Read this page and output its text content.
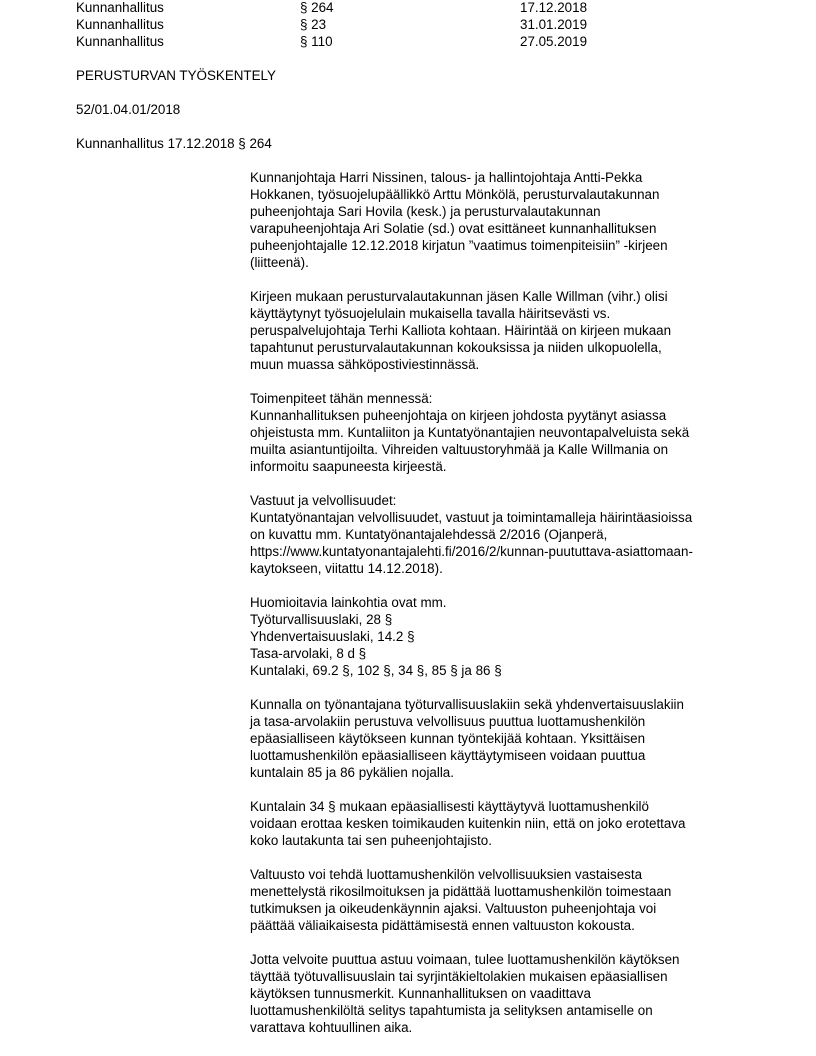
Kunnanhallitus	§ 264	17.12.2018
Kunnanhallitus	§ 23	31.01.2019
Kunnanhallitus	§ 110	27.05.2019
PERUSTURVAN TYÖSKENTELY
52/01.04.01/2018
Kunnanhallitus 17.12.2018 § 264

Kunnanjohtaja Harri Nissinen, talous- ja hallintojohtaja Antti-Pekka

Hokkanen, työsuojelupäällikkö Arttu Mönkölä, perusturvalautakunnan

puheenjohtaja Sari Hovila (kesk.) ja perusturvalautakunnan

varapuheenjohtaja Ari Solatie (sd.) ovat esittäneet kunnanhallituksen

puheenjohtajalle 12.12.2018 kirjatun ”vaatimus toimenpiteisiin” -kirjeen

(liitteenä).

Kirjeen mukaan perusturvalautakunnan jäsen Kalle Willman (vihr.) olisi

käyttäytynyt työsuojelulain mukaisella tavalla häiritsevästi vs.

peruspalvelujohtaja Terhi Kalliota kohtaan. Häirintää on kirjeen mukaan

tapahtunut perusturvalautakunnan kokouksissa ja niiden ulkopuolella,

muun muassa sähköpostiviestinnässä.

Toimenpiteet tähän mennessä:

Kunnanhallituksen puheenjohtaja on kirjeen johdosta pyytänyt asiassa

ohjeistusta mm. Kuntaliiton ja Kuntatyönantajien neuvontapalveluista sekä

muilta asiantuntijoilta. Vihreiden valtuustoryhmää ja Kalle Willmania on

informoitu saapuneesta kirjeestä.

Vastuut ja velvollisuudet:

Kuntatyönantajan velvollisuudet, vastuut ja toimintamalleja häirintäasioissa

on kuvattu mm. Kuntatyönantajalehdessä 2/2016 (Ojanperä,

https://www.kuntatyonantajalehti.fi/2016/2/kunnan-puututtava-asiattomaan-

kaytokseen, viitattu 14.12.2018).

Huomioitavia lainkohtia ovat mm.

Työturvallisuuslaki, 28 §

Yhdenvertaisuuslaki, 14.2 §

Tasa-arvolaki, 8 d §

Kuntalaki, 69.2 §, 102 §, 34 §, 85 § ja 86 §

Kunnalla on työnantajana työturvallisuuslakiin sekä yhdenvertaisuuslakiin

ja tasa-arvolakiin perustuva velvollisuus puuttua luottamushenkilön

epäasialliseen käytökseen kunnan työntekijää kohtaan. Yksittäisen

luottamushenkilön epäasialliseen käyttäytymiseen voidaan puuttua

kuntalain 85 ja 86 pykälien nojalla.

Kuntalain 34 § mukaan epäasiallisesti käyttäytyvä luottamushenkilö

voidaan erottaa kesken toimikauden kuitenkin niin, että on joko erotettava

koko lautakunta tai sen puheenjohtajisto.

Valtuusto voi tehdä luottamushenkilön velvollisuuksien vastaisesta

menettelystä rikosilmoituksen ja pidättää luottamushenkilön toimestaan

tutkimuksen ja oikeudenkäynnin ajaksi. Valtuuston puheenjohtaja voi

päättää väliaikaisesta pidättämisestä ennen valtuuston kokousta.

Jotta velvoite puuttua astuu voimaan, tulee luottamushenkilön käytöksen

täyttää työtuvallisuuslain tai syrjintäkieltolakien mukaisen epäasiallisen

käytöksen tunnusmerkit. Kunnanhallituksen on vaadittava

luottamushenkilöltä selitys tapahtumista ja selityksen antamiselle on

varattava kohtuullinen aika.
